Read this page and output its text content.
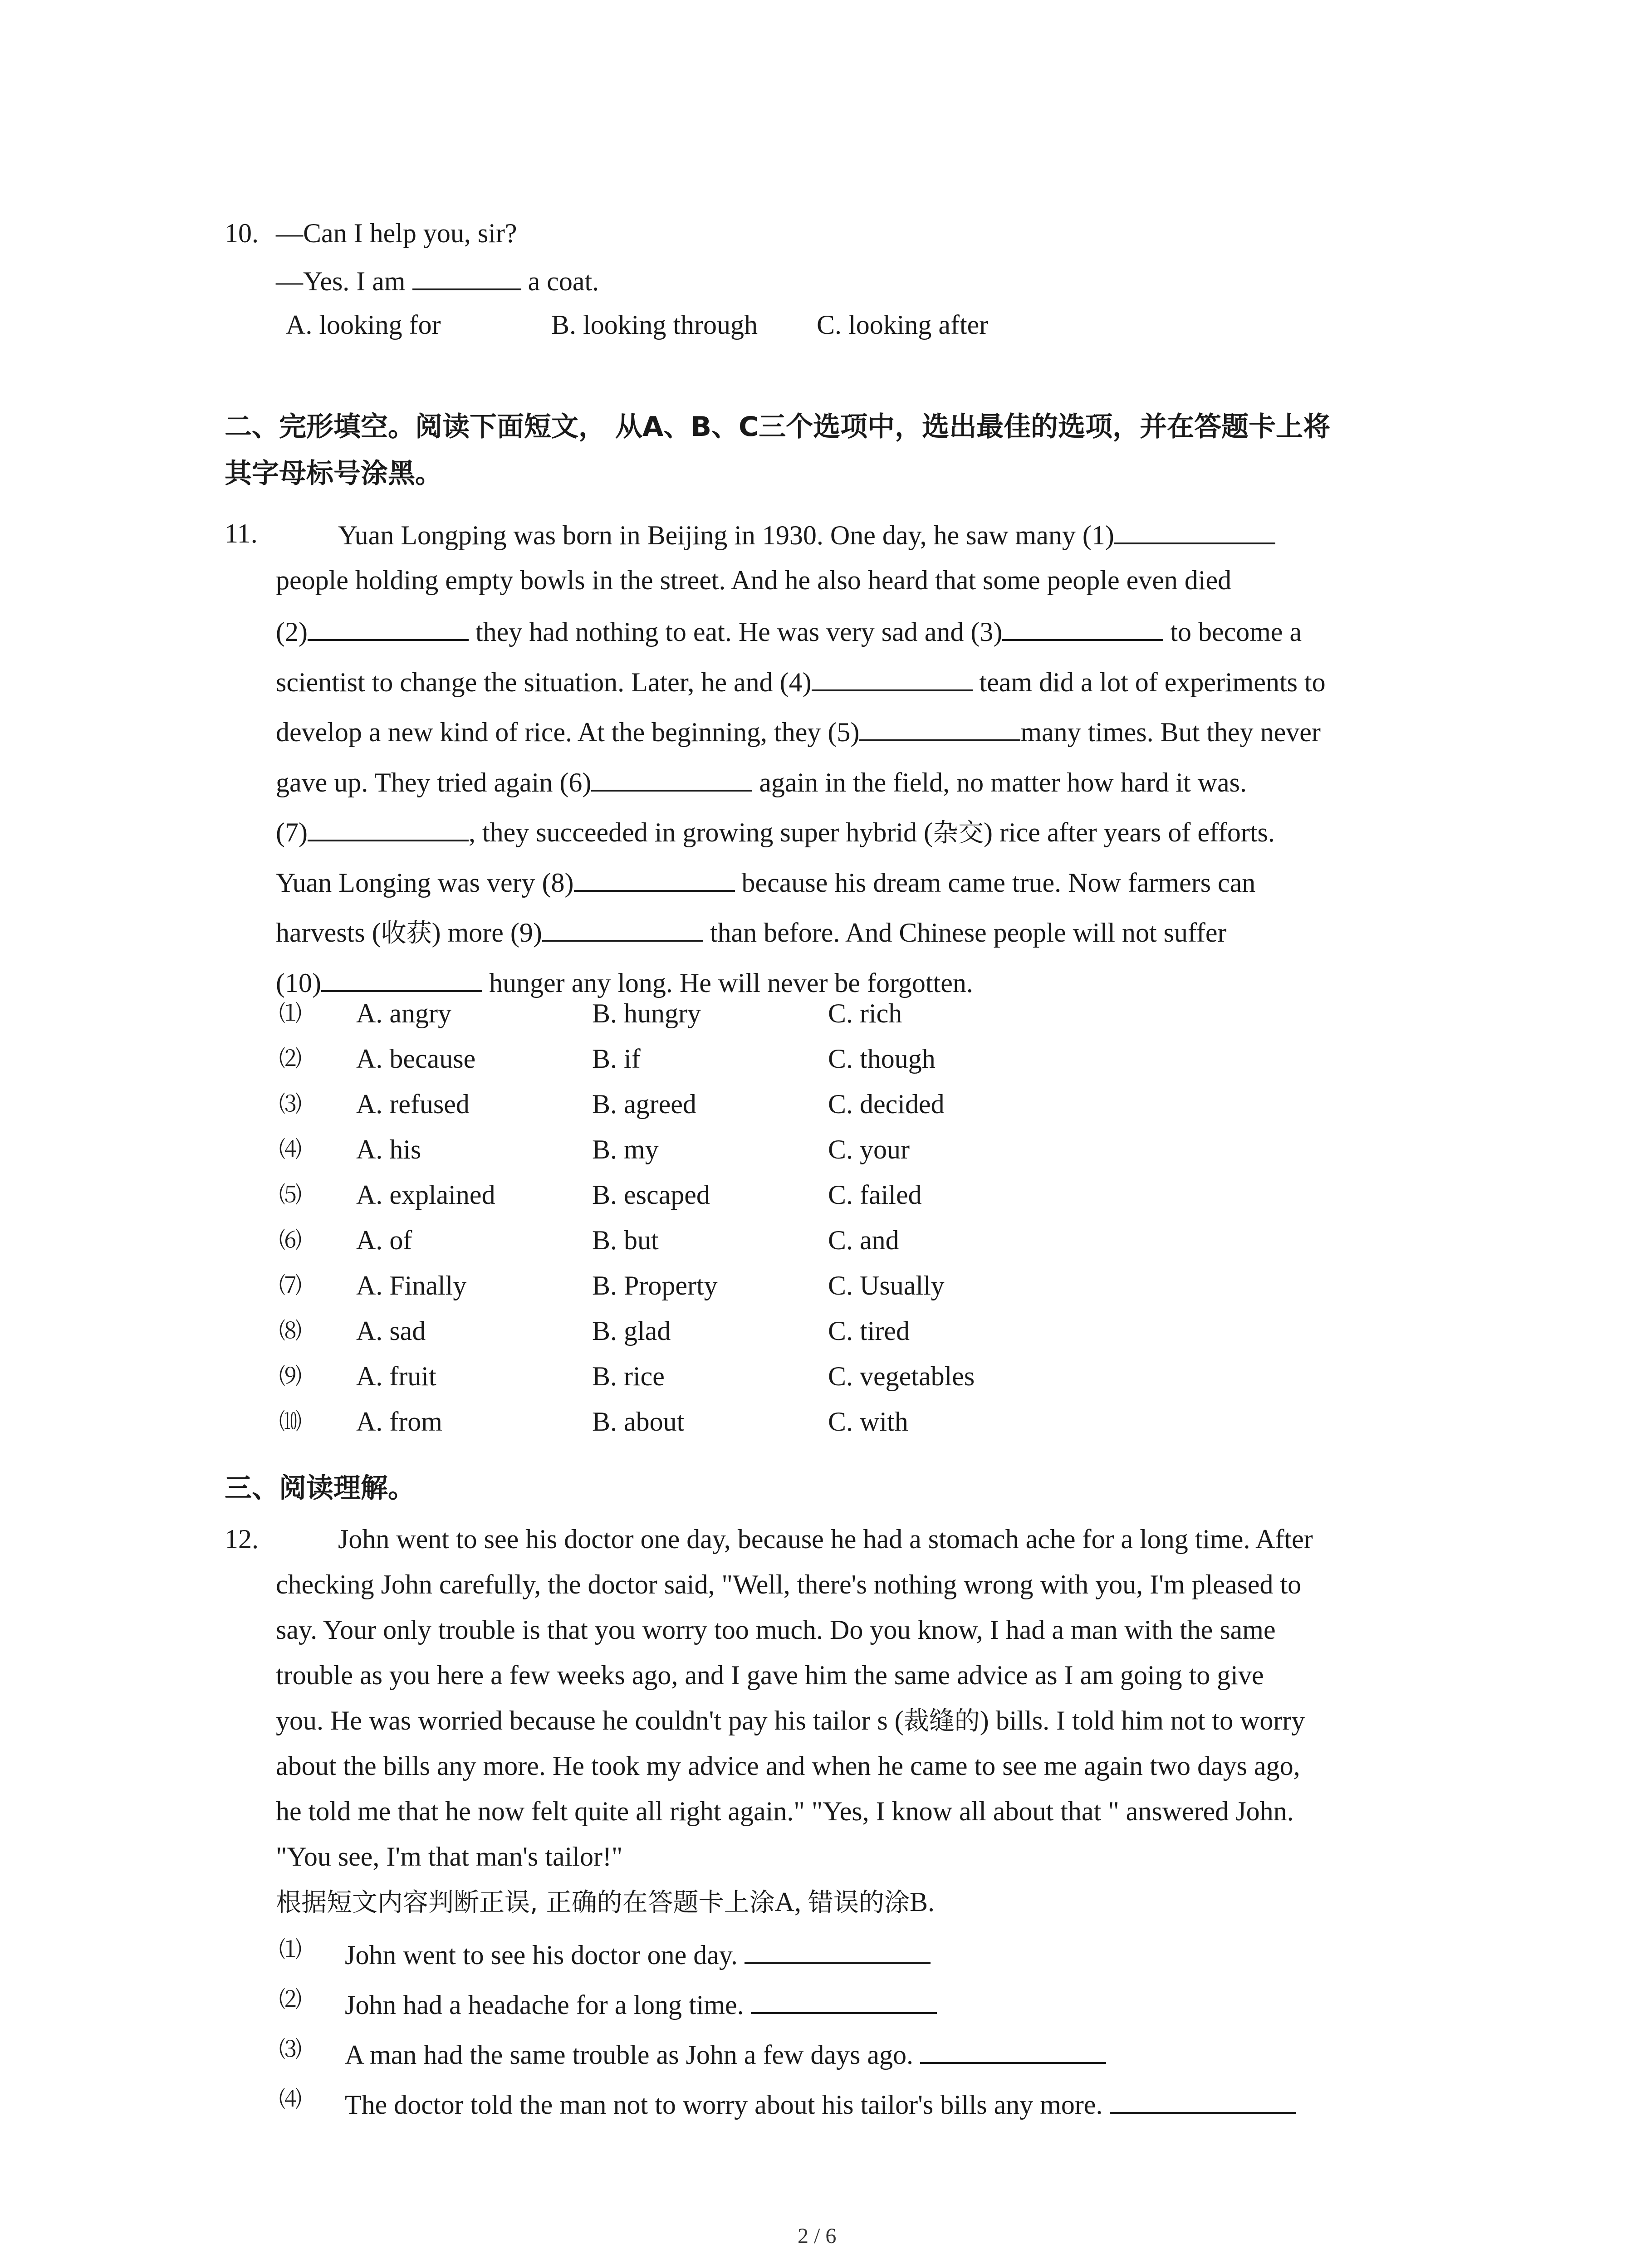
10. —Can I help you, sir?
—Yes. I am	a coat.
A. looking for	B. looking through C. looking after
二、完形填空。阅读下面短文， 从A、B、C三个选项中，选出最佳的选项，并在答题卡上将
其字母标号涂黑。
11.	Yuan Longping was born in Beijing in 1930. One day, he saw many (1)
people holding empty bowls in the street. And he also heard that some people even died
(2)	they had nothing to eat. He was very sad and (3)	to become a
scientist to change the situation. Later, he and (4)	team did a lot of experiments to
develop a new kind of rice. At the beginning, they (5)	many times. But they never
gave up. They tried again (6)	again in the field, no matter how hard it was.
(7)	, they succeeded in growing super hybrid (杂交) rice after years of efforts.
Yuan Longing was very (8)	because his dream came true. Now farmers can
harvests (收获) more (9)	than before. And Chinese people will not suffer
(10)	hunger any long. He will never be forgotten.
⑴ A. angry	B. hungry	C. rich
⑵ A. because	B. if	C. though
⑶ A. refused	B. agreed	C. decided
⑷ A. his	B. my	C. your
⑸ A. explained	B. escaped	C. failed
⑹ A. of	B. but	C. and
⑺ A. Finally	B. Property	C. Usually
⑻ A. sad	B. glad	C. tired
⑼ A. fruit	B. rice	C. vegetables
⑽ A. from	B. about	C. with
三、阅读理解。
12.	John went to see his doctor one day, because he had a stomach ache for a long time. After
checking John carefully, the doctor said, "Well, there's nothing wrong with you, I'm pleased to
say. Your only trouble is that you worry too much. Do you know, I had a man with the same
trouble as you here a few weeks ago, and I gave him the same advice as I am going to give
you. He was worried because he couldn't pay his tailor s (裁缝的) bills. I told him not to worry
about the bills any more. He took my advice and when he came to see me again two days ago,
he told me that he now felt quite all right again." "Yes, I know all about that " answered John.
"You see, I'm that man's tailor!"
根据短文内容判断正误, 正确的在答题卡上涂A, 错误的涂B.
⑴ John went to see his doctor one day.
⑵ John had a headache for a long time.
⑶ A man had the same trouble as John a few days ago.
⑷ The doctor told the man not to worry about his tailor's bills any more.
2 / 6
